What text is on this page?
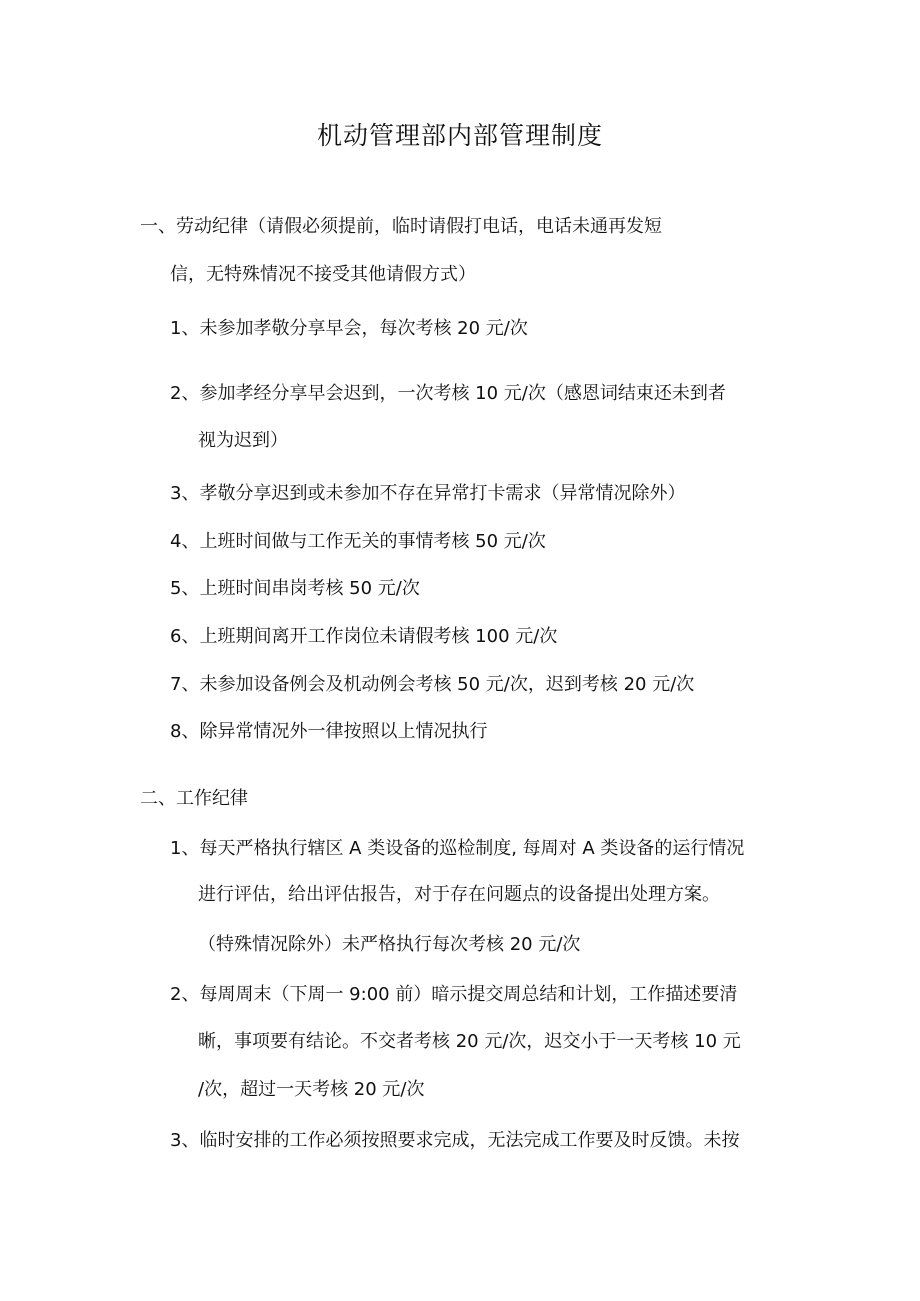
机动管理部内部管理制度
一、劳动纪律（请假必须提前，临时请假打电话，电话未通再发短
信，无特殊情况不接受其他请假方式）
1、未参加孝敬分享早会，每次考核 20 元/次
2、参加孝经分享早会迟到，一次考核 10 元/次（感恩词结束还未到者
视为迟到）
3、孝敬分享迟到或未参加不存在异常打卡需求（异常情况除外）
4、上班时间做与工作无关的事情考核 50 元/次
5、上班时间串岗考核 50 元/次
6、上班期间离开工作岗位未请假考核 100 元/次
7、未参加设备例会及机动例会考核 50 元/次，迟到考核 20 元/次
8、除异常情况外一律按照以上情况执行
二、工作纪律
1、每天严格执行辖区 A 类设备的巡检制度, 每周对 A 类设备的运行情况
进行评估，给出评估报告，对于存在问题点的设备提出处理方案。
（特殊情况除外）未严格执行每次考核 20 元/次
2、每周周末（下周一 9:00 前）暗示提交周总结和计划，工作描述要清
晰，事项要有结论。不交者考核 20 元/次，迟交小于一天考核 10 元
/次，超过一天考核 20 元/次
3、临时安排的工作必须按照要求完成，无法完成工作要及时反馈。未按
